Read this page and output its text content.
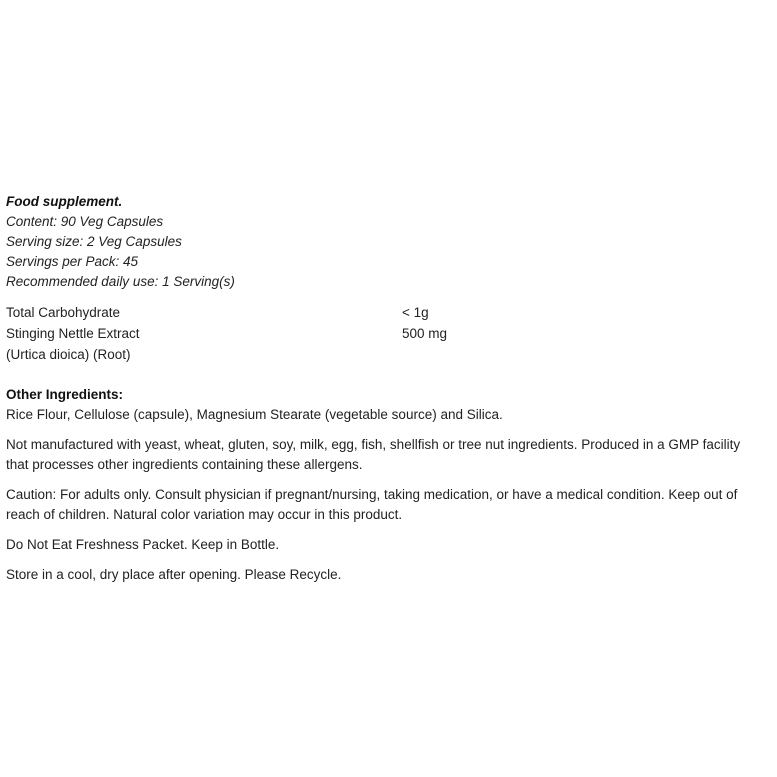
Food supplement.
Content: 90 Veg Capsules
Serving size: 2 Veg Capsules
Servings per Pack: 45
Recommended daily use: 1 Serving(s)
Total Carbohydrate	< 1g
Stinging Nettle Extract	500 mg
(Urtica dioica) (Root)
Other Ingredients:
Rice Flour, Cellulose (capsule), Magnesium Stearate (vegetable source) and Silica.
Not manufactured with yeast, wheat, gluten, soy, milk, egg, fish, shellfish or tree nut ingredients. Produced in a GMP facility
that processes other ingredients containing these allergens.
Caution: For adults only. Consult physician if pregnant/nursing, taking medication, or have a medical condition. Keep out of
reach of children. Natural color variation may occur in this product.
Do Not Eat Freshness Packet. Keep in Bottle.
Store in a cool, dry place after opening. Please Recycle.
